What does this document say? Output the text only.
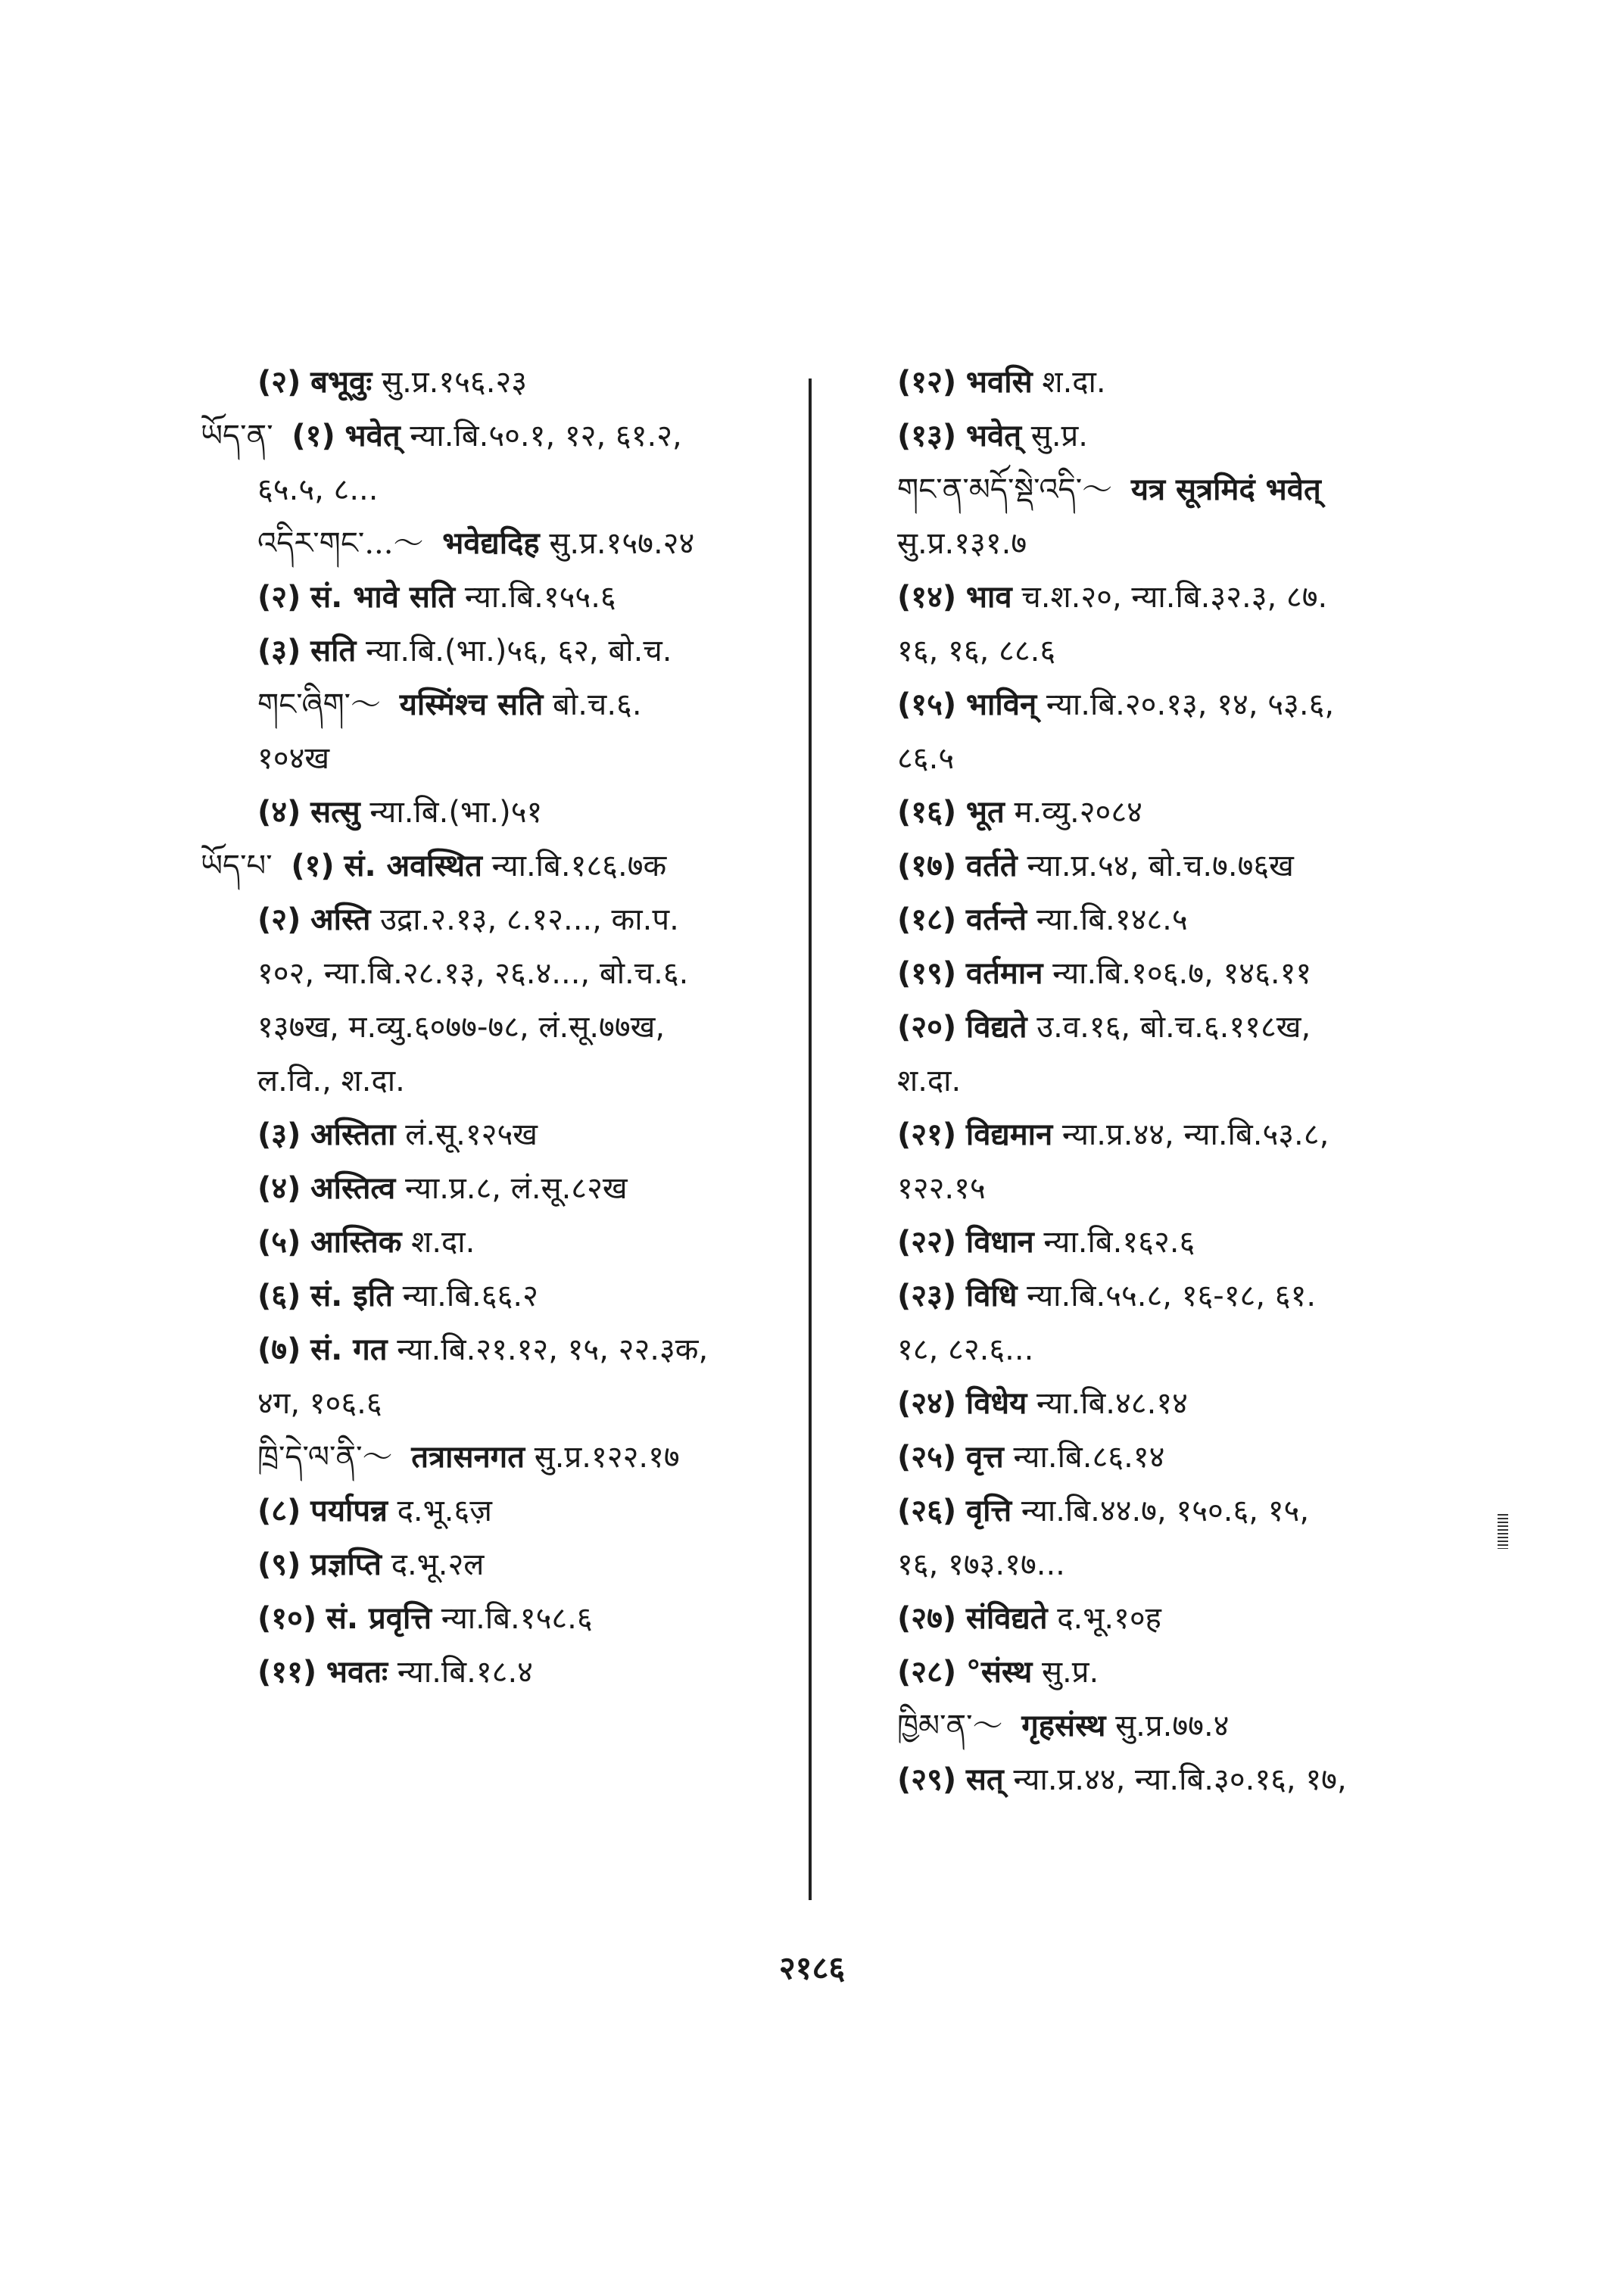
(२) बभूवुः सु.प्र.१५६.२३
ཡོད་ན་ (१) भवेत् न्या.बि.५०.१, १२, ६१.२,
६५.५, ८...
འདིར་གང་...～ भवेद्यदिह सु.प्र.१५७.२४
(२) सं. भावे सति न्या.बि.१५५.६
(३) सति न्या.बि.(भा.)५६, ६२, बो.च.
གང་ཞིག་～ यस्मिंश्च सति बो.च.६.
१०४ख
(४) सत्सु न्या.बि.(भा.)५१
ཡོད་པ་ (१) सं. अवस्थित न्या.बि.१८६.७क
(२) अस्ति उद्रा.२.१३, ८.१२..., का.प.
१०२, न्या.बि.२८.१३, २६.४..., बो.च.६.
१३७ख, म.व्यु.६०७७-७८, लं.सू.७७ख,
ल.वि., श.दा.
(३) अस्तिता लं.सू.१२५ख
(४) अस्तित्व न्या.प्र.८, लं.सू.८२ख
(५) आस्तिक श.दा.
(६) सं. इति न्या.बि.६६.२
(७) सं. गत न्या.बि.२१.१२, १५, २२.३क,
४ग, १०६.६
ཁྲི་དེ་ལ་ནི་～ तत्रासनगत सु.प्र.१२२.१७
(८) पर्यापन्न द.भू.६ज़
(९) प्रज्ञप्ति द.भू.२ल
(१०) सं. प्रवृत्ति न्या.बि.१५८.६
(११) भवतः न्या.बि.१८.४
(१२) भवसि श.दा.
(१३) भवेत् सु.प्र.
གང་ན་མདོ་སྡེ་འདི་～ यत्र सूत्रमिदं भवेत्
सु.प्र.१३१.७
(१४) भाव च.श.२०, न्या.बि.३२.३, ८७.
१६, १६, ८८.६
(१५) भाविन् न्या.बि.२०.१३, १४, ५३.६,
८६.५
(१६) भूत म.व्यु.२०८४
(१७) वर्तते न्या.प्र.५४, बो.च.७.७६ख
(१८) वर्तन्ते न्या.बि.१४८.५
(१९) वर्तमान न्या.बि.१०६.७, १४६.११
(२०) विद्यते उ.व.१६, बो.च.६.११८ख,
श.दा.
(२१) विद्यमान न्या.प्र.४४, न्या.बि.५३.८,
१२२.१५
(२२) विधान न्या.बि.१६२.६
(२३) विधि न्या.बि.५५.८, १६-१८, ६१.
१८, ८२.६...
(२४) विधेय न्या.बि.४८.१४
(२५) वृत्त न्या.बि.८६.१४
(२६) वृत्ति न्या.बि.४४.७, १५०.६, १५,
१६, १७३.१७...
(२७) संविद्यते द.भू.१०ह
(२८) °संस्थ सु.प्र.
ཁྱིམ་ན་～ गृहसंस्थ सु.प्र.७७.४
(२९) सत् न्या.प्र.४४, न्या.बि.३०.१६, १७,
२१८६
